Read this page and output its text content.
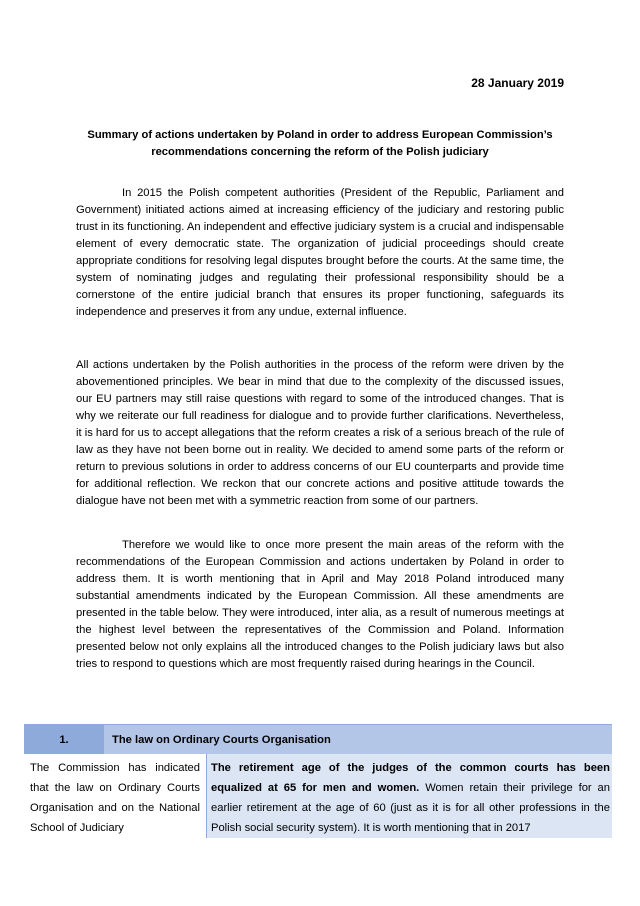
28 January 2019
Summary of actions undertaken by Poland in order to address European Commission’s recommendations concerning the reform of the Polish judiciary

In 2015 the Polish competent authorities (President of the Republic, Parliament and Government) initiated actions aimed at increasing efficiency of the judiciary and restoring public trust in its functioning. An independent and effective judiciary system is a crucial and indispensable element of every democratic state. The organization of judicial proceedings should create appropriate conditions for resolving legal disputes brought before the courts. At the same time, the system of nominating judges and regulating their professional responsibility should be a cornerstone of the entire judicial branch that ensures its proper functioning, safeguards its independence and preserves it from any undue, external influence.

All actions undertaken by the Polish authorities in the process of the reform were driven by the abovementioned principles. We bear in mind that due to the complexity of the discussed issues, our EU partners may still raise questions with regard to some of the introduced changes. That is why we reiterate our full readiness for dialogue and to provide further clarifications. Nevertheless, it is hard for us to accept allegations that the reform creates a risk of a serious breach of the rule of law as they have not been borne out in reality. We decided to amend some parts of the reform or return to previous solutions in order to address concerns of our EU counterparts and provide time for additional reflection. We reckon that our concrete actions and positive attitude towards the dialogue have not been met with a symmetric reaction from some of our partners.

Therefore we would like to once more present the main areas of the reform with the recommendations of the European Commission and actions undertaken by Poland in order to address them. It is worth mentioning that in April and May 2018 Poland introduced many substantial amendments indicated by the European Commission. All these amendments are presented in the table below. They were introduced, inter alia, as a result of numerous meetings at the highest level between the representatives of the Commission and Poland. Information presented below not only explains all the introduced changes to the Polish judiciary laws but also tries to respond to questions which are most frequently raised during hearings in the Council.

1.	The law on Ordinary Courts Organisation
The Commission has indicated that the law on Ordinary Courts Organisation and on the National School of Judiciary
The retirement age of the judges of the common courts has been equalized at 65 for men and women. Women retain their privilege for an earlier retirement at the age of 60 (just as it is for all other professions in the Polish social security system). It is worth mentioning that in 2017
